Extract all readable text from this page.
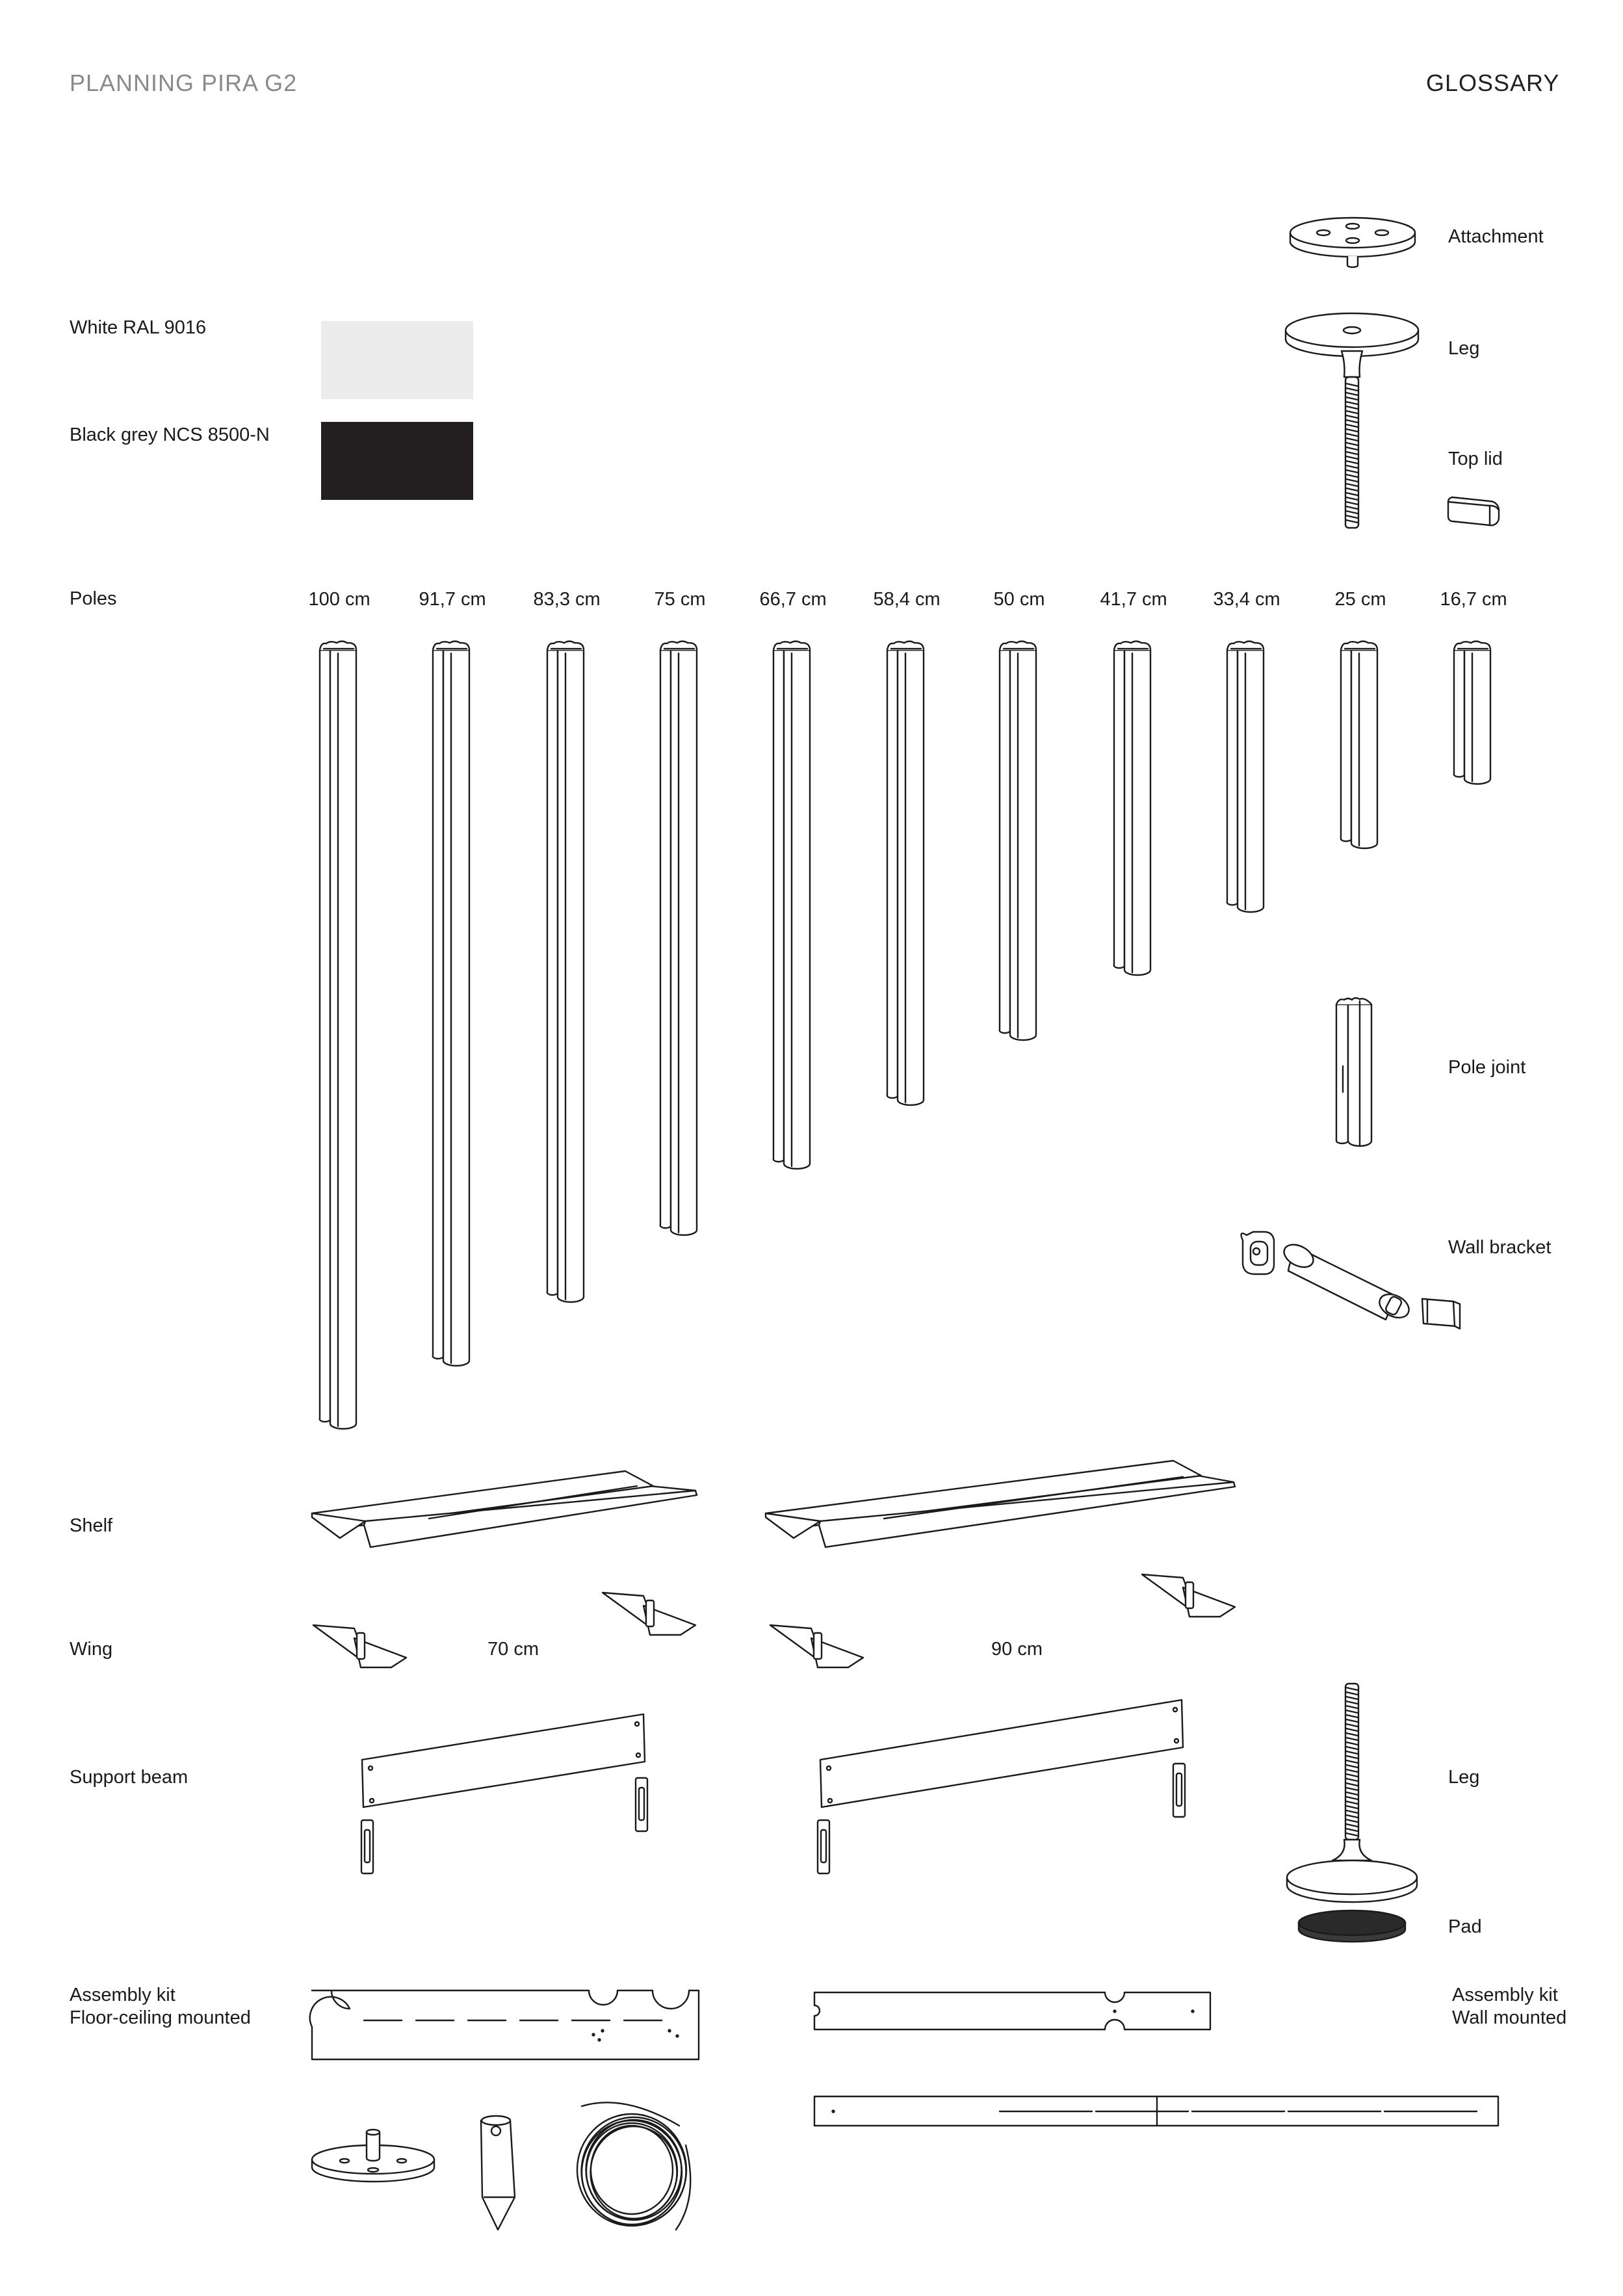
PLANNING PIRA G2	GLOSSARY
White RAL 9016
Black grey NCS 8500-N
Attachment
Leg
Top lid
Pole joint
Wall bracket
Leg
Pad
Poles	100 cm	91,7 cm	83,3 cm	75 cm	66,7 cm 58,4 cm	50 cm	41,7 cm 33,4 cm	25 cm	16,7 cm
Shelf
Wing	70 cm	90 cm
Support beam
Assembly kit
Floor-ceiling mounted
Assembly kit
Wall mounted
